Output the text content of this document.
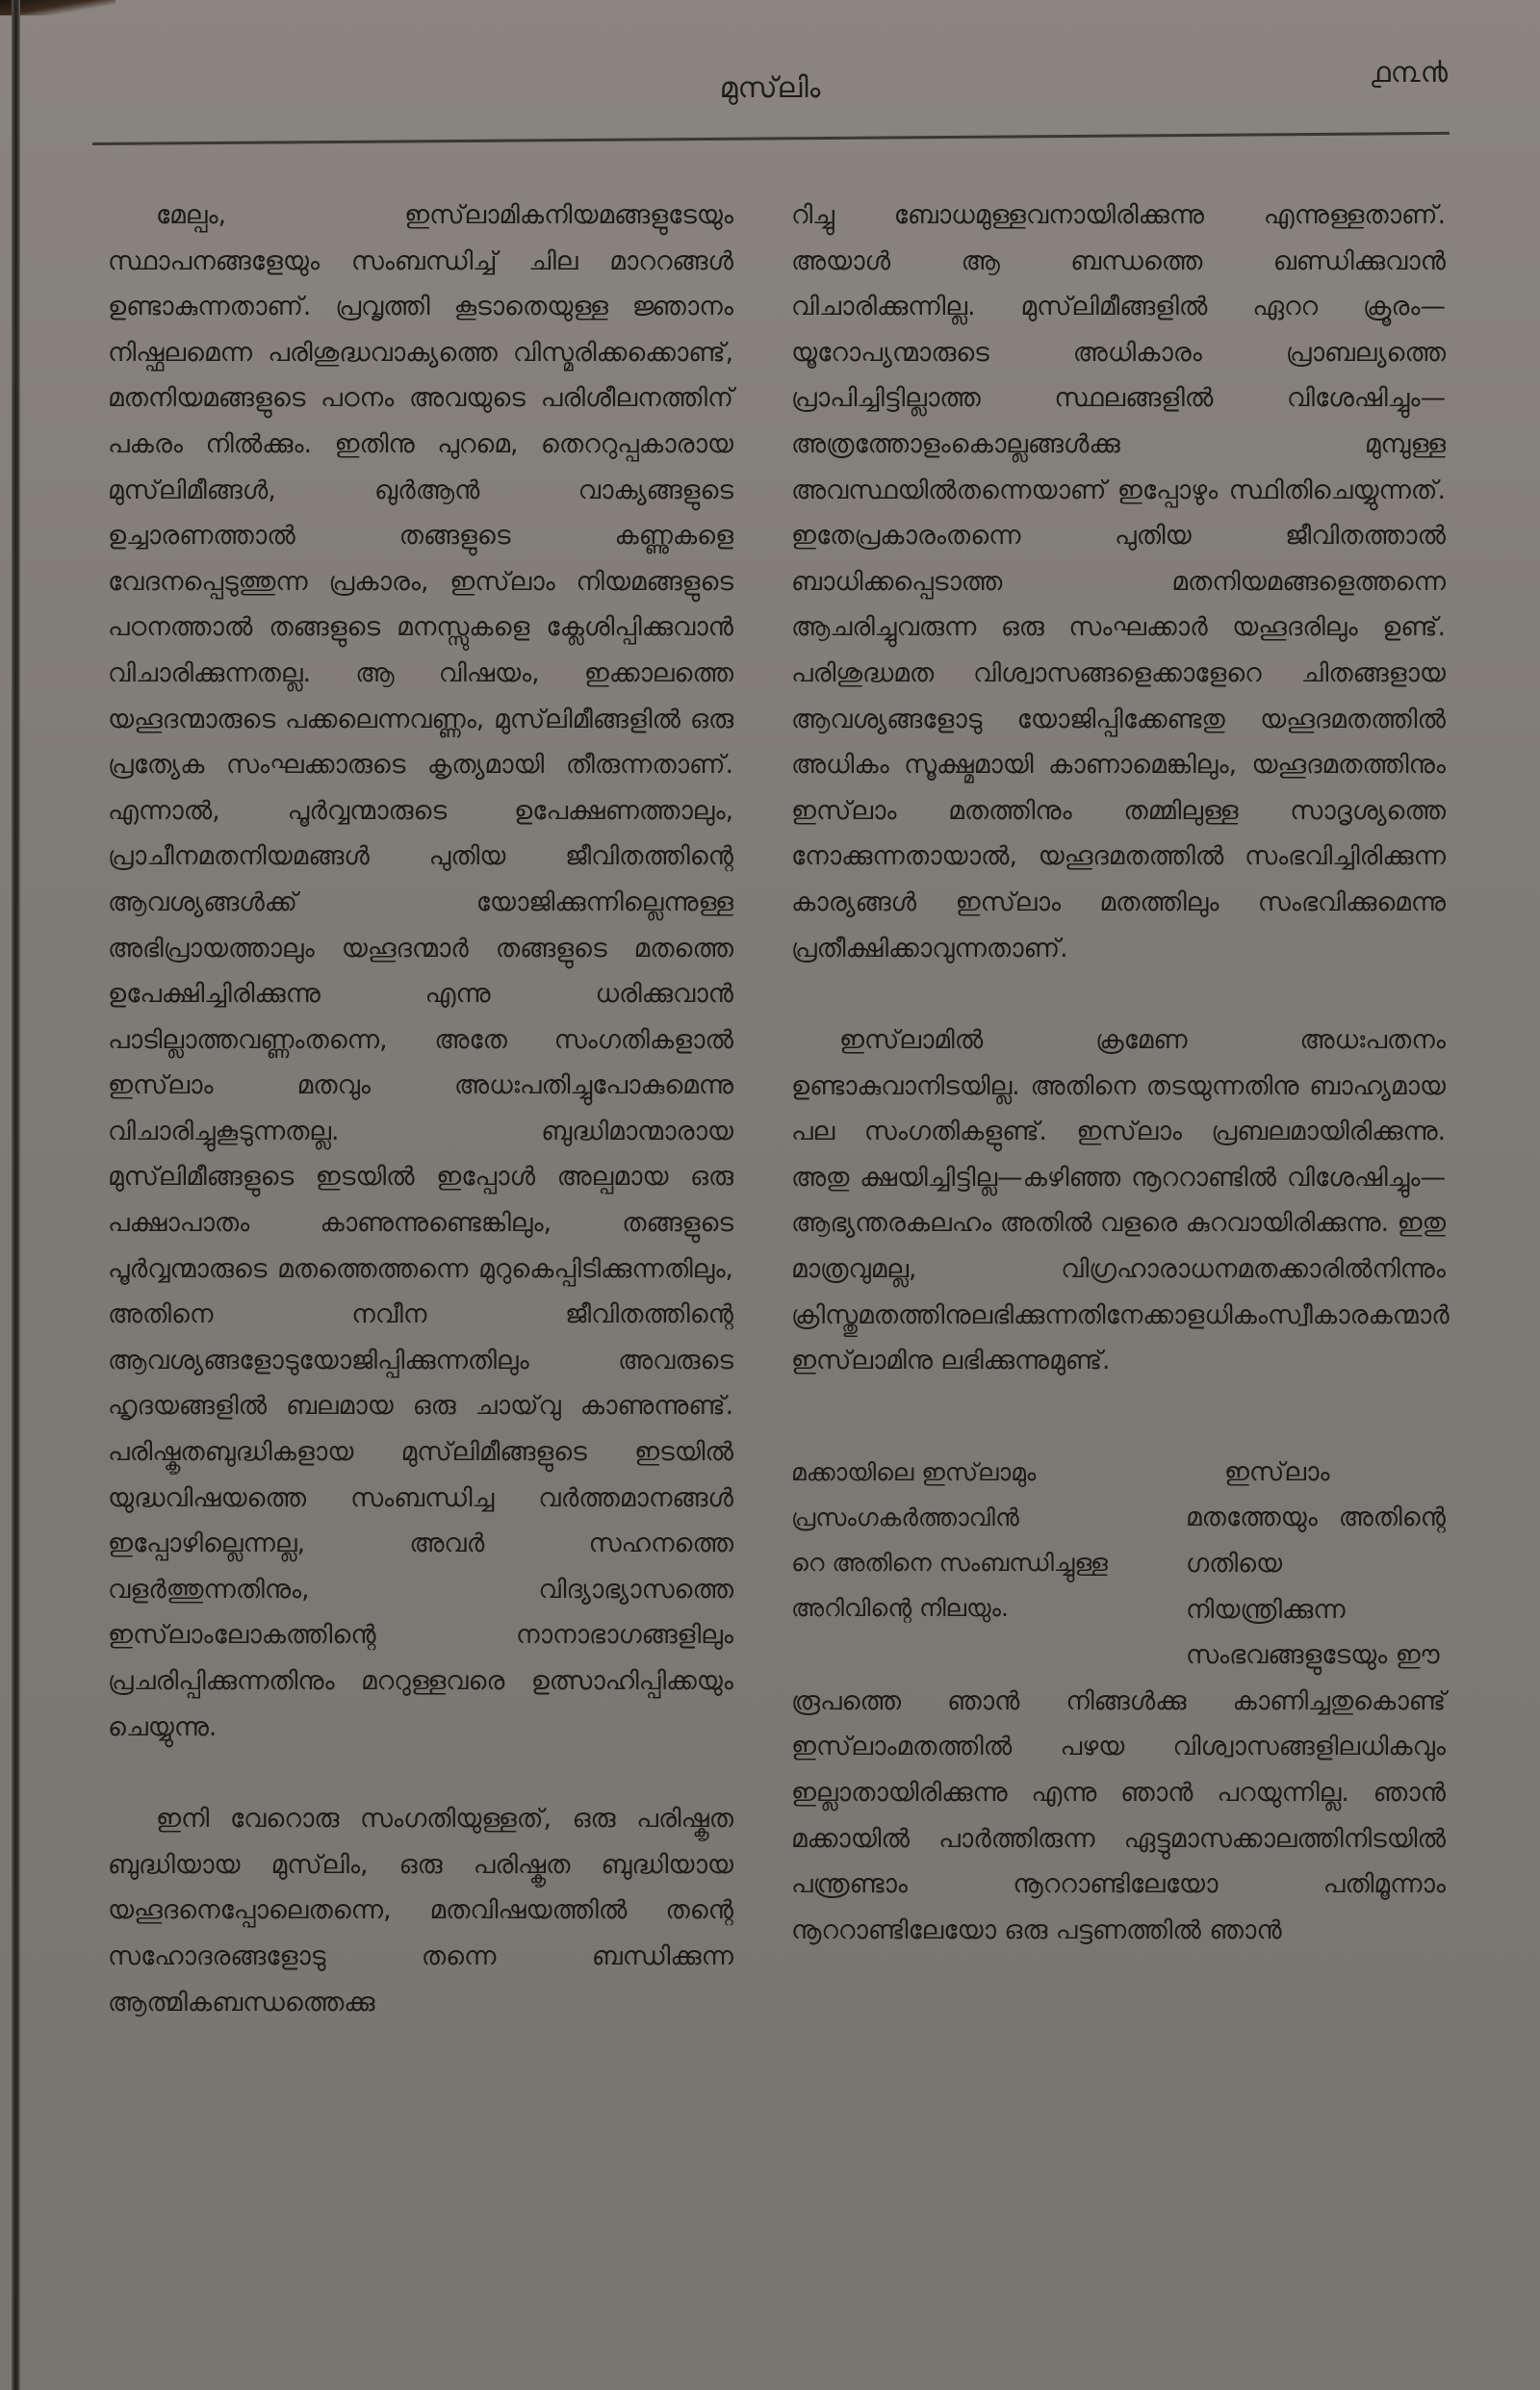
മുസ്‌ലിം	൧൩൯

മേല്പം, ഇസ്‌ലാമികനിയമങ്ങളുടേയും സ്ഥാപനങ്ങളേയും സംബന്ധിച്ച് ചില മാററങ്ങൾ ഉണ്ടാകുന്നതാണ്. പ്രവൃത്തി കൂടാതെയുള്ള ജ്ഞാനം നിഷ്ഫലമെന്ന പരിശുദ്ധവാക്യത്തെ വിസ്മരിക്കക്കൊണ്ട്, മതനിയമങ്ങളുടെ പഠനം അവയുടെ പരിശീലനത്തിന് പകരം നിൽക്കും. ഇതിനു പുറമെ, തെററുപ്പകാരായ മുസ്‌ലിമീങ്ങൾ, ഖുർആൻ വാക്യങ്ങളുടെ ഉച്ചാരണത്താൽ തങ്ങളുടെ കണ്ണുകളെ വേദനപ്പെടുത്തുന്ന പ്രകാരം, ഇസ്‌ലാം നിയമങ്ങളുടെ പഠനത്താൽ തങ്ങളുടെ മനസ്സുകളെ ക്ലേശിപ്പിക്കുവാൻ വിചാരിക്കുന്നതല്ല. ആ വിഷയം, ഇക്കാലത്തെ യഹൂദന്മാരുടെ പക്കലെന്നവണ്ണം, മുസ്‌ലിമീങ്ങളിൽ ഒരു പ്രത്യേക സംഘക്കാരുടെ കൃത്യമായി തീരുന്നതാണ്. എന്നാൽ, പൂർവ്വന്മാരുടെ ഉപേക്ഷണത്താലും, പ്രാചീനമതനിയമങ്ങൾ പുതിയ ജീവിതത്തിന്റെ ആവശ്യങ്ങൾക്ക് യോജിക്കുന്നില്ലെന്നുള്ള അഭിപ്രായത്താലും യഹൂദന്മാർ തങ്ങളുടെ മതത്തെ ഉപേക്ഷിച്ചിരിക്കുന്നു എന്നു ധരിക്കുവാൻ പാടില്ലാത്തവണ്ണംതന്നെ, അതേ സംഗതികളാൽ ഇസ്‌ലാം മതവും അധഃപതിച്ചുപോകുമെന്നു വിചാരിച്ചുകൂടുന്നതല്ല. ബുദ്ധിമാന്മാരായ മുസ്‌ലിമീങ്ങളുടെ ഇടയിൽ ഇപ്പോൾ അല്പമായ ഒരു പക്ഷാപാതം കാണുന്നുണ്ടെങ്കിലും, തങ്ങളുടെ പൂർവ്വന്മാരുടെ മതത്തെത്തന്നെ മുറുകെപ്പിടിക്കുന്നതിലും, അതിനെ നവീന ജീവിതത്തിന്റെ ആവശ്യങ്ങളോടുയോജിപ്പിക്കുന്നതിലും അവരുടെ ഹൃദയങ്ങളിൽ ബലമായ ഒരു ചായ്‌വു കാണുന്നുണ്ട്. പരിഷ്കൃതബുദ്ധികളായ മുസ്‌ലിമീങ്ങളുടെ ഇടയിൽ യുദ്ധവിഷയത്തെ സംബന്ധിച്ച വർത്തമാനങ്ങൾ ഇപ്പോഴില്ലെന്നല്ല, അവർ സഹനത്തെ വളർത്തുന്നതിനും, വിദ്യാഭ്യാസത്തെ ഇസ്‌ലാംലോകത്തിന്റെ നാനാഭാഗങ്ങളിലും പ്രചരിപ്പിക്കുന്നതിനും മററുള്ളവരെ ഉത്സാഹിപ്പിക്കയും ചെയ്യുന്നു.

ഇനി വേറൊരു സംഗതിയുള്ളത്, ഒരു പരിഷ്കൃത ബുദ്ധിയായ മുസ്‌ലിം, ഒരു പരിഷ്കൃത ബുദ്ധിയായ യഹൂദനെപ്പോലെതന്നെ, മതവിഷയത്തിൽ തന്റെ സഹോദരങ്ങളോടു തന്നെ ബന്ധിക്കുന്ന ആത്മികബന്ധത്തെക്കു

റിച്ചു ബോധമുള്ളവനായിരിക്കുന്നു എന്നുള്ളതാണ്. അയാൾ ആ ബന്ധത്തെ ഖണ്ഡിക്കുവാൻ വിചാരിക്കുന്നില്ല. മുസ്‌ലിമീങ്ങളിൽ ഏററ ക്രൂരം—യൂറോപ്യന്മാരുടെ അധികാരം പ്രാബല്യത്തെ പ്രാപിച്ചിട്ടില്ലാത്ത സ്ഥലങ്ങളിൽ വിശേഷിച്ചും—അത്രത്തോളംകൊല്ലങ്ങൾക്കു മുമ്പുള്ള അവസ്ഥയിൽതന്നെയാണ് ഇപ്പോഴും സ്ഥിതിചെയ്യുന്നത്. ഇതേപ്രകാരംതന്നെ പുതിയ ജീവിതത്താൽ ബാധിക്കപ്പെടാത്ത മതനിയമങ്ങളെത്തന്നെ ആചരിച്ചുവരുന്ന ഒരു സംഘക്കാർ യഹൂദരിലും ഉണ്ട്. പരിശുദ്ധമത വിശ്വാസങ്ങളെക്കാളേറെ ചിതങ്ങളായ ആവശ്യങ്ങളോടു യോജിപ്പിക്കേണ്ടതു യഹൂദമതത്തിൽ അധികം സൂക്ഷ്മമായി കാണാമെങ്കിലും, യഹൂദമതത്തിനും ഇസ്‌ലാം മതത്തിനും തമ്മിലുള്ള സാദൃശ്യത്തെ നോക്കുന്നതായാൽ, യഹൂദമതത്തിൽ സംഭവിച്ചിരിക്കുന്ന കാര്യങ്ങൾ ഇസ്‌ലാം മതത്തിലും സംഭവിക്കുമെന്നു പ്രതീക്ഷിക്കാവുന്നതാണ്.

ഇസ്‌ലാമിൽ ക്രമേണ അധഃപതനം ഉണ്ടാകുവാനിടയില്ല. അതിനെ തടയുന്നതിനു ബാഹ്യമായ പല സംഗതികളുണ്ട്. ഇസ്‌ലാം പ്രബലമായിരിക്കുന്നു. അതു ക്ഷയിച്ചിട്ടില്ല—കഴിഞ്ഞ നൂററാണ്ടിൽ വിശേഷിച്ചും—ആഭ്യന്തരകലഹം അതിൽ വളരെ കുറവായിരിക്കുന്നു. ഇതു മാത്രവുമല്ല, വിഗ്രഹാരാധനമതക്കാരിൽനിന്നും ക്രിസ്തുമതത്തിനുലഭിക്കുന്നതിനേക്കാളധികംസ്വീകാരകന്മാർ ഇസ്‌ലാമിനു ലഭിക്കുന്നുമുണ്ട്.

മക്കായിലെ ഇസ്‌ലാമും
പ്രസംഗകർത്താവിൻ
റെ അതിനെ സംബന്ധിച്ചുള്ള
അറിവിന്റെ നിലയും.
ഇസ്‌ലാം മതത്തേയും അതിന്റെ ഗതിയെ നിയന്ത്രിക്കുന്ന സംഭവങ്ങളുടേയും ഈ

രൂപത്തെ ഞാൻ നിങ്ങൾക്കു കാണിച്ചതുകൊണ്ട് ഇസ്‌ലാംമതത്തിൽ പഴയ വിശ്വാസങ്ങളിലധികവും ഇല്ലാതായിരിക്കുന്നു എന്നു ഞാൻ പറയുന്നില്ല. ഞാൻ മക്കായിൽ പാർത്തിരുന്ന ഏട്ടുമാസക്കാലത്തിനിടയിൽ പന്ത്രണ്ടാം നൂററാണ്ടിലേയോ പതിമൂന്നാം നൂററാണ്ടിലേയോ ഒരു പട്ടണത്തിൽ ഞാൻ
